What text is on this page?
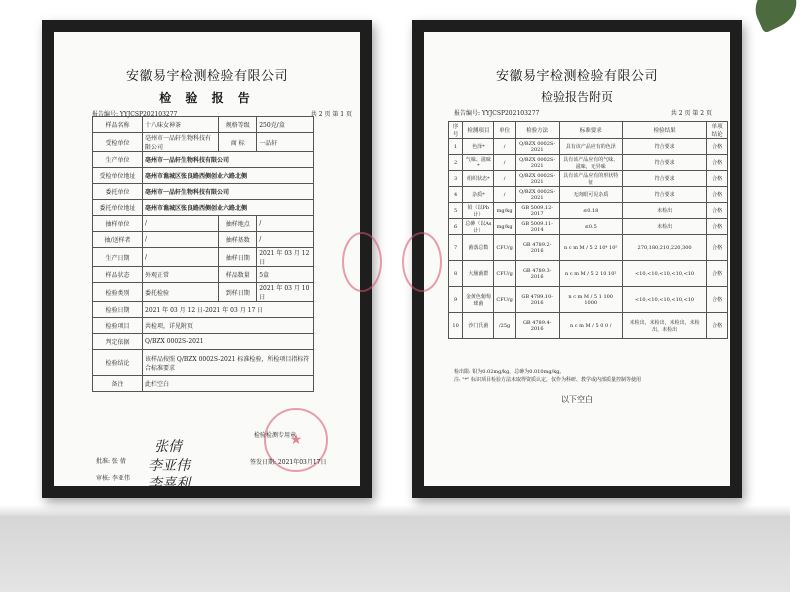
安徽易宇检测检验有限公司
检 验 报 告
报告编号: YYJCSP202103277	共 2 页 第 1 页
样品名称	十八味女神茶	规格等级	250克/盒
受检单位	亳州市一品轩生物科技有限公司	商 标	一品轩
生产单位	亳州市一品轩生物科技有限公司		
受检单位地址	亳州市谯城区张良路西侧创业六路北侧		
委托单位	亳州市一品轩生物科技有限公司		
委托单位地址	亳州市谯城区张良路西侧创业六路北侧		
抽样单位	/	抽样地点	/
抽/送样者	/	抽样基数	/
生产日期	/	抽样日期	2021 年 03 月 12 日
样品状态	外观正常	样品数量	5盒
检验类别	委托检验	到样日期	2021 年 03 月 10 日
检验日期	2021 年 03 月 12 日-2021 年 03 月 17 日		
检验项目	共检项，详见附页		
判定依据	Q/BZX 0002S-2021		
检验结论	该样品按照 Q/BZX 0002S-2021 标准检验，所检项目指标符合标准要求		
备注	此栏空白		
批准: 张 倩
审核: 李亚伟
主检: 李喜利
张倩
李亚伟
李喜利
★
检验检测专用章
签发日期: 2021年03月17日
安徽易宇检测检验有限公司
检验报告附页
报告编号: YYJCSP202103277	共 2 页 第 2 页
序号	检测项目	单位	检验方法	标准要求	检验结果	单项结论
1	色泽*	/	Q/BZX 0002S-2021	具有该产品应有的色泽	符合要求	合格
2	气味、滋味*	/	Q/BZX 0002S-2021	具有该产品应有的气味、滋味，无异味	符合要求	合格
3	组织状态*	/	Q/BZX 0002S-2021	具有该产品应有的形状特征	符合要求	合格
4	杂质*	/	Q/BZX 0002S-2021	无肉眼可见杂质	符合要求	合格
5	铅（以Pb计）	mg/kg	GB 5009.12-2017	≤0.18	未检出	合格
6	总砷（以As计）	mg/kg	GB 5009.11-2014	≤0.5	未检出	合格
7	菌落总数	CFU/g	GB 4789.2-2016	n c m M / 5 2 10⁴ 10⁵	270,180,210,220,300	合格
8	大肠菌群	CFU/g	GB 4789.3-2016	n c m M / 5 2 10 10²	<10,<10,<10,<10,<10	合格
9	金黄色葡萄球菌	CFU/g	GB 4789.10-2016	n c m M / 5 1 100 1000	<10,<10,<10,<10,<10	合格
10	沙门氏菌	/25g	GB 4789.4-2016	n c m M / 5 0 0 /	未检出，未检出，未检出，未检出，未检出	合格
检出限: 铅为0.02mg/kg，总砷为0.010mg/kg。
注: "*" 标识项目检验方法未取得资质认定，仅作为科研、教学或内部质量控制等使用
以下空白
